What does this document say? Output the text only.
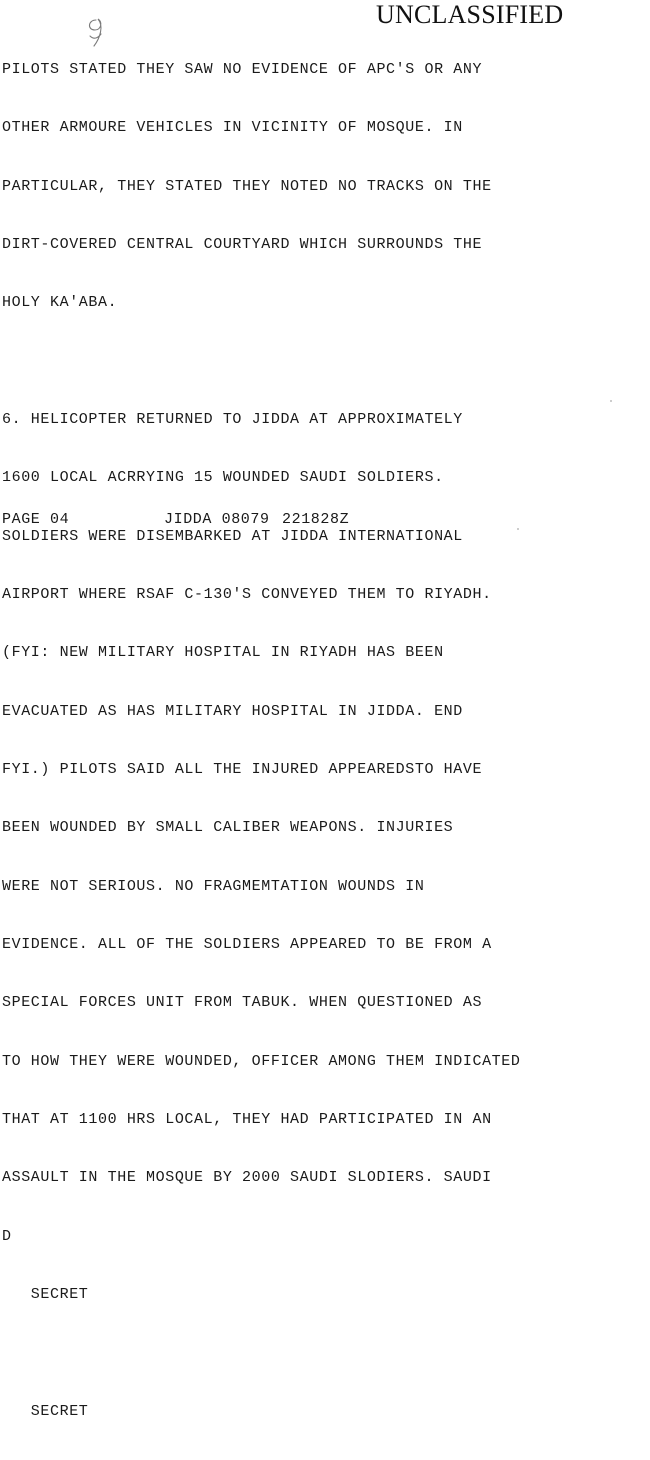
UNCLASSIFIED

PILOTS STATED THEY SAW NO EVIDENCE OF APC'S OR ANY

OTHER ARMOURE VEHICLES IN VICINITY OF MOSQUE. IN

PARTICULAR, THEY STATED THEY NOTED NO TRACKS ON THE

DIRT-COVERED CENTRAL COURTYARD WHICH SURROUNDS THE

HOLY KA'ABA.

6. HELICOPTER RETURNED TO JIDDA AT APPROXIMATELY

1600 LOCAL ACRRYING 15 WOUNDED SAUDI SOLDIERS.

SOLDIERS WERE DISEMBARKED AT JIDDA INTERNATIONAL

AIRPORT WHERE RSAF C-130'S CONVEYED THEM TO RIYADH.

(FYI: NEW MILITARY HOSPITAL IN RIYADH HAS BEEN

EVACUATED AS HAS MILITARY HOSPITAL IN JIDDA. END

FYI.) PILOTS SAID ALL THE INJURED APPEAREDSTO HAVE

BEEN WOUNDED BY SMALL CALIBER WEAPONS. INJURIES

WERE NOT SERIOUS. NO FRAGMEMTATION WOUNDS IN

EVIDENCE. ALL OF THE SOLDIERS APPEARED TO BE FROM A

SPECIAL FORCES UNIT FROM TABUK. WHEN QUESTIONED AS

TO HOW THEY WERE WOUNDED, OFFICER AMONG THEM INDICATED

THAT AT 1100 HRS LOCAL, THEY HAD PARTICIPATED IN AN

ASSAULT IN THE MOSQUE BY 2000 SAUDI SLODIERS. SAUDI

D

SECRET

SECRET

PAGE 04

	JIDDA 08079

221828Z
